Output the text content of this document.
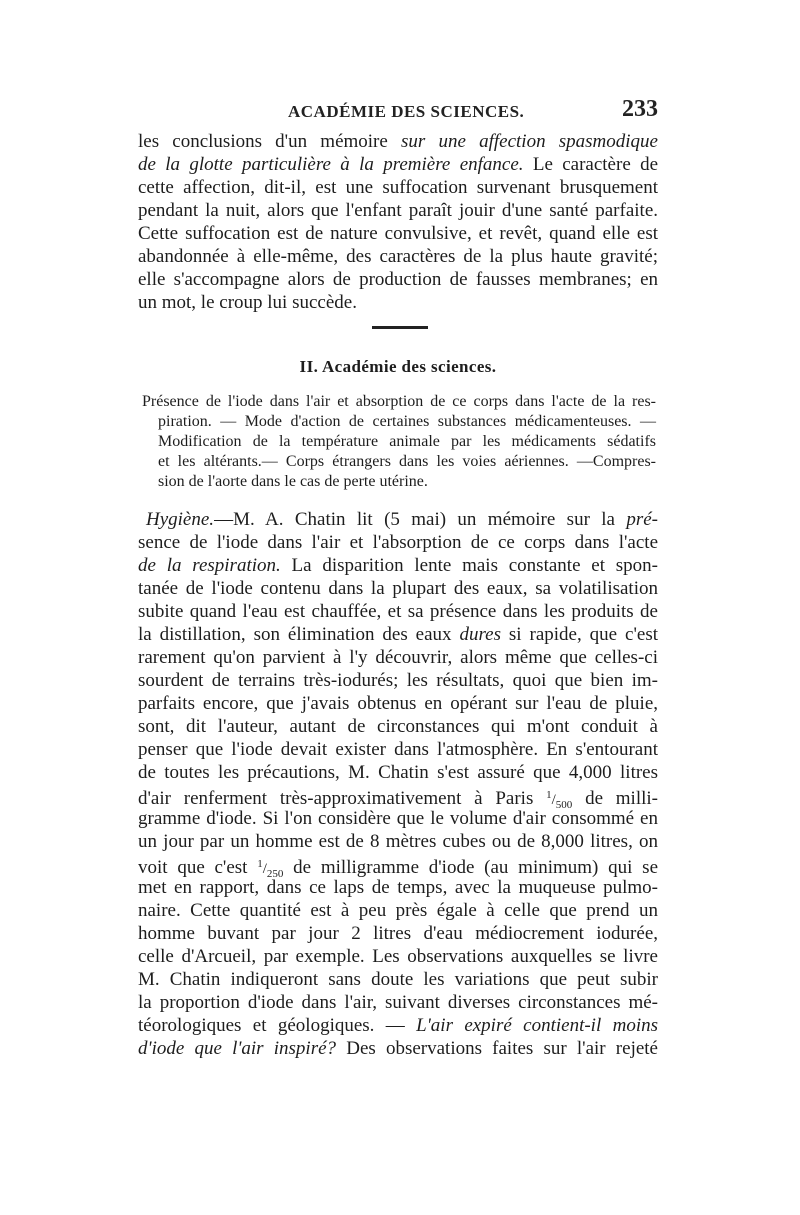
ACADÉMIE DES SCIENCES.	233
les conclusions d'un mémoire sur une affection spasmodique
de la glotte particulière à la première enfance. Le caractère de
cette affection, dit-il, est une suffocation survenant brusquement
pendant la nuit, alors que l'enfant paraît jouir d'une santé parfaite.
Cette suffocation est de nature convulsive, et revêt, quand elle est
abandonnée à elle-même, des caractères de la plus haute gravité;
elle s'accompagne alors de production de fausses membranes; en
un mot, le croup lui succède.
II. Académie des sciences.
Présence de l'iode dans l'air et absorption de ce corps dans l'acte de la res-
piration. — Mode d'action de certaines substances médicamenteuses. —
Modification de la température animale par les médicaments sédatifs
et les altérants.— Corps étrangers dans les voies aériennes. —Compres-
sion de l'aorte dans le cas de perte utérine.
Hygiène.—M. A. Chatin lit (5 mai) un mémoire sur la pré-
sence de l'iode dans l'air et l'absorption de ce corps dans l'acte
de la respiration. La disparition lente mais constante et spon-
tanée de l'iode contenu dans la plupart des eaux, sa volatilisation
subite quand l'eau est chauffée, et sa présence dans les produits de
la distillation, son élimination des eaux dures si rapide, que c'est
rarement qu'on parvient à l'y découvrir, alors même que celles-ci
sourdent de terrains très-iodurés; les résultats, quoi que bien im-
parfaits encore, que j'avais obtenus en opérant sur l'eau de pluie,
sont, dit l'auteur, autant de circonstances qui m'ont conduit à
penser que l'iode devait exister dans l'atmosphère. En s'entourant
de toutes les précautions, M. Chatin s'est assuré que 4,000 litres
d'air renferment très-approximativement à Paris $^1/_{500}$ de milli-
gramme d'iode. Si l'on considère que le volume d'air consommé en
un jour par un homme est de 8 mètres cubes ou de 8,000 litres, on
voit que c'est $^1/_{250}$ de milligramme d'iode (au minimum) qui se
met en rapport, dans ce laps de temps, avec la muqueuse pulmo-
naire. Cette quantité est à peu près égale à celle que prend un
homme buvant par jour 2 litres d'eau médiocrement iodurée,
celle d'Arcueil, par exemple. Les observations auxquelles se livre
M. Chatin indiqueront sans doute les variations que peut subir
la proportion d'iode dans l'air, suivant diverses circonstances mé-
téorologiques et géologiques. — L'air expiré contient-il moins
d'iode que l'air inspiré? Des observations faites sur l'air rejeté
